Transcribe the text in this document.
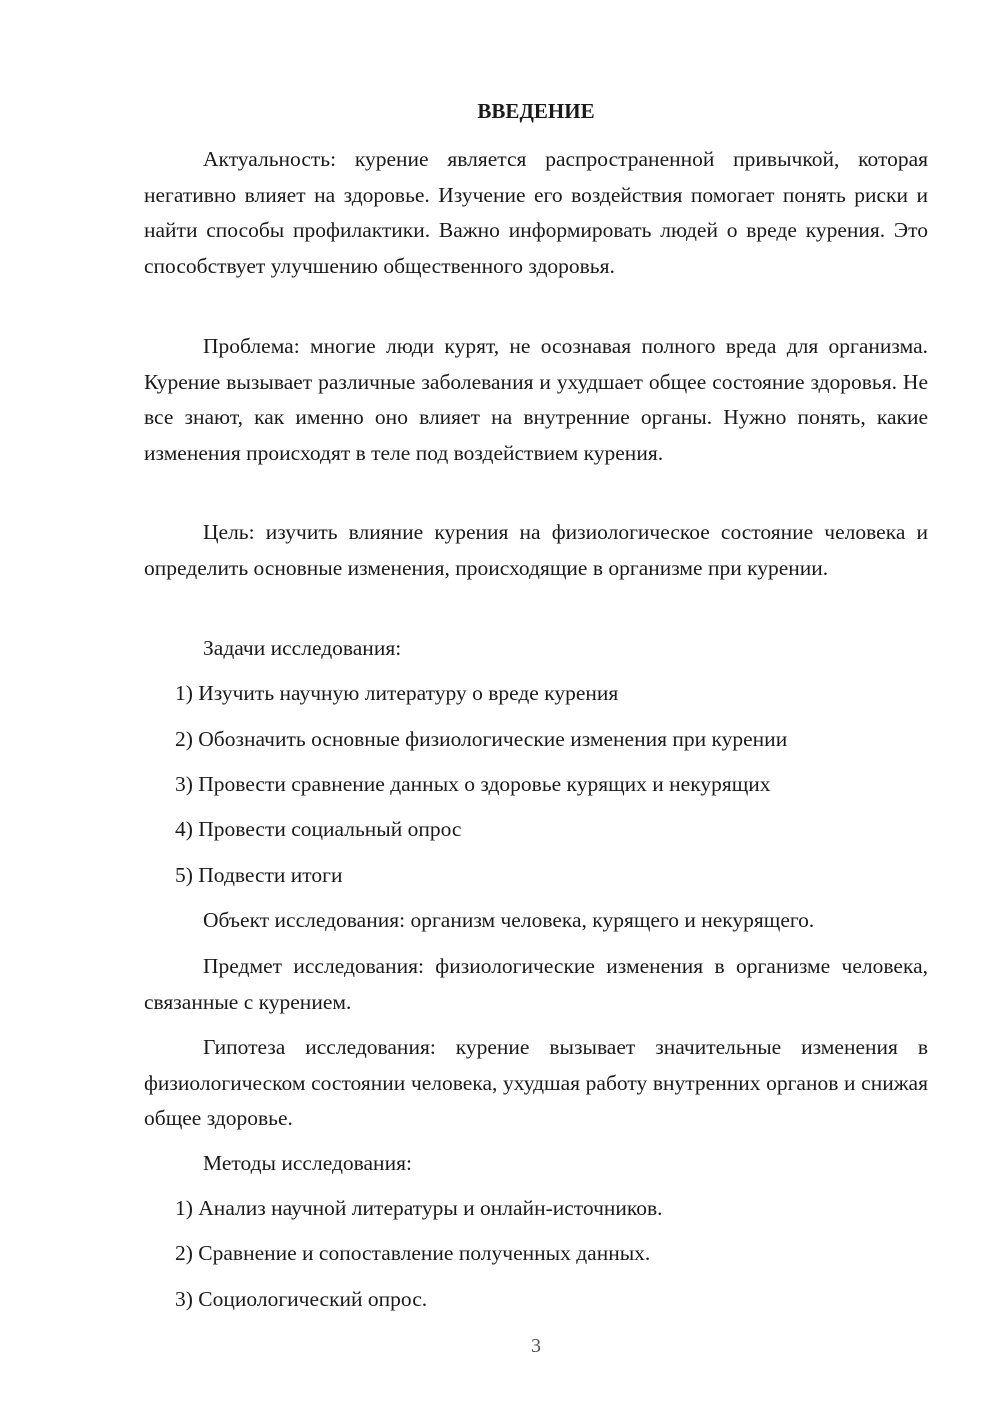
ВВЕДЕНИЕ

Актуальность: курение является распространенной привычкой, которая негативно влияет на здоровье. Изучение его воздействия помогает понять риски и найти способы профилактики. Важно информировать людей о вреде курения. Это способствует улучшению общественного здоровья.

Проблема: многие люди курят, не осознавая полного вреда для организма. Курение вызывает различные заболевания и ухудшает общее состояние здоровья. Не все знают, как именно оно влияет на внутренние органы. Нужно понять, какие изменения происходят в теле под воздействием курения.

Цель: изучить влияние курения на физиологическое состояние человека и определить основные изменения, происходящие в организме при курении.

Задачи исследования:

1) Изучить научную литературу о вреде курения

2) Обозначить основные физиологические изменения при курении

3) Провести сравнение данных о здоровье курящих и некурящих

4) Провести социальный опрос

5) Подвести итоги

Объект исследования: организм человека, курящего и некурящего.

Предмет исследования: физиологические изменения в организме человека, связанные с курением.

Гипотеза исследования: курение вызывает значительные изменения в физиологическом состоянии человека, ухудшая работу внутренних органов и снижая общее здоровье.

Методы исследования:

1) Анализ научной литературы и онлайн-источников.

2) Сравнение и сопоставление полученных данных.

3) Социологический опрос.

3
